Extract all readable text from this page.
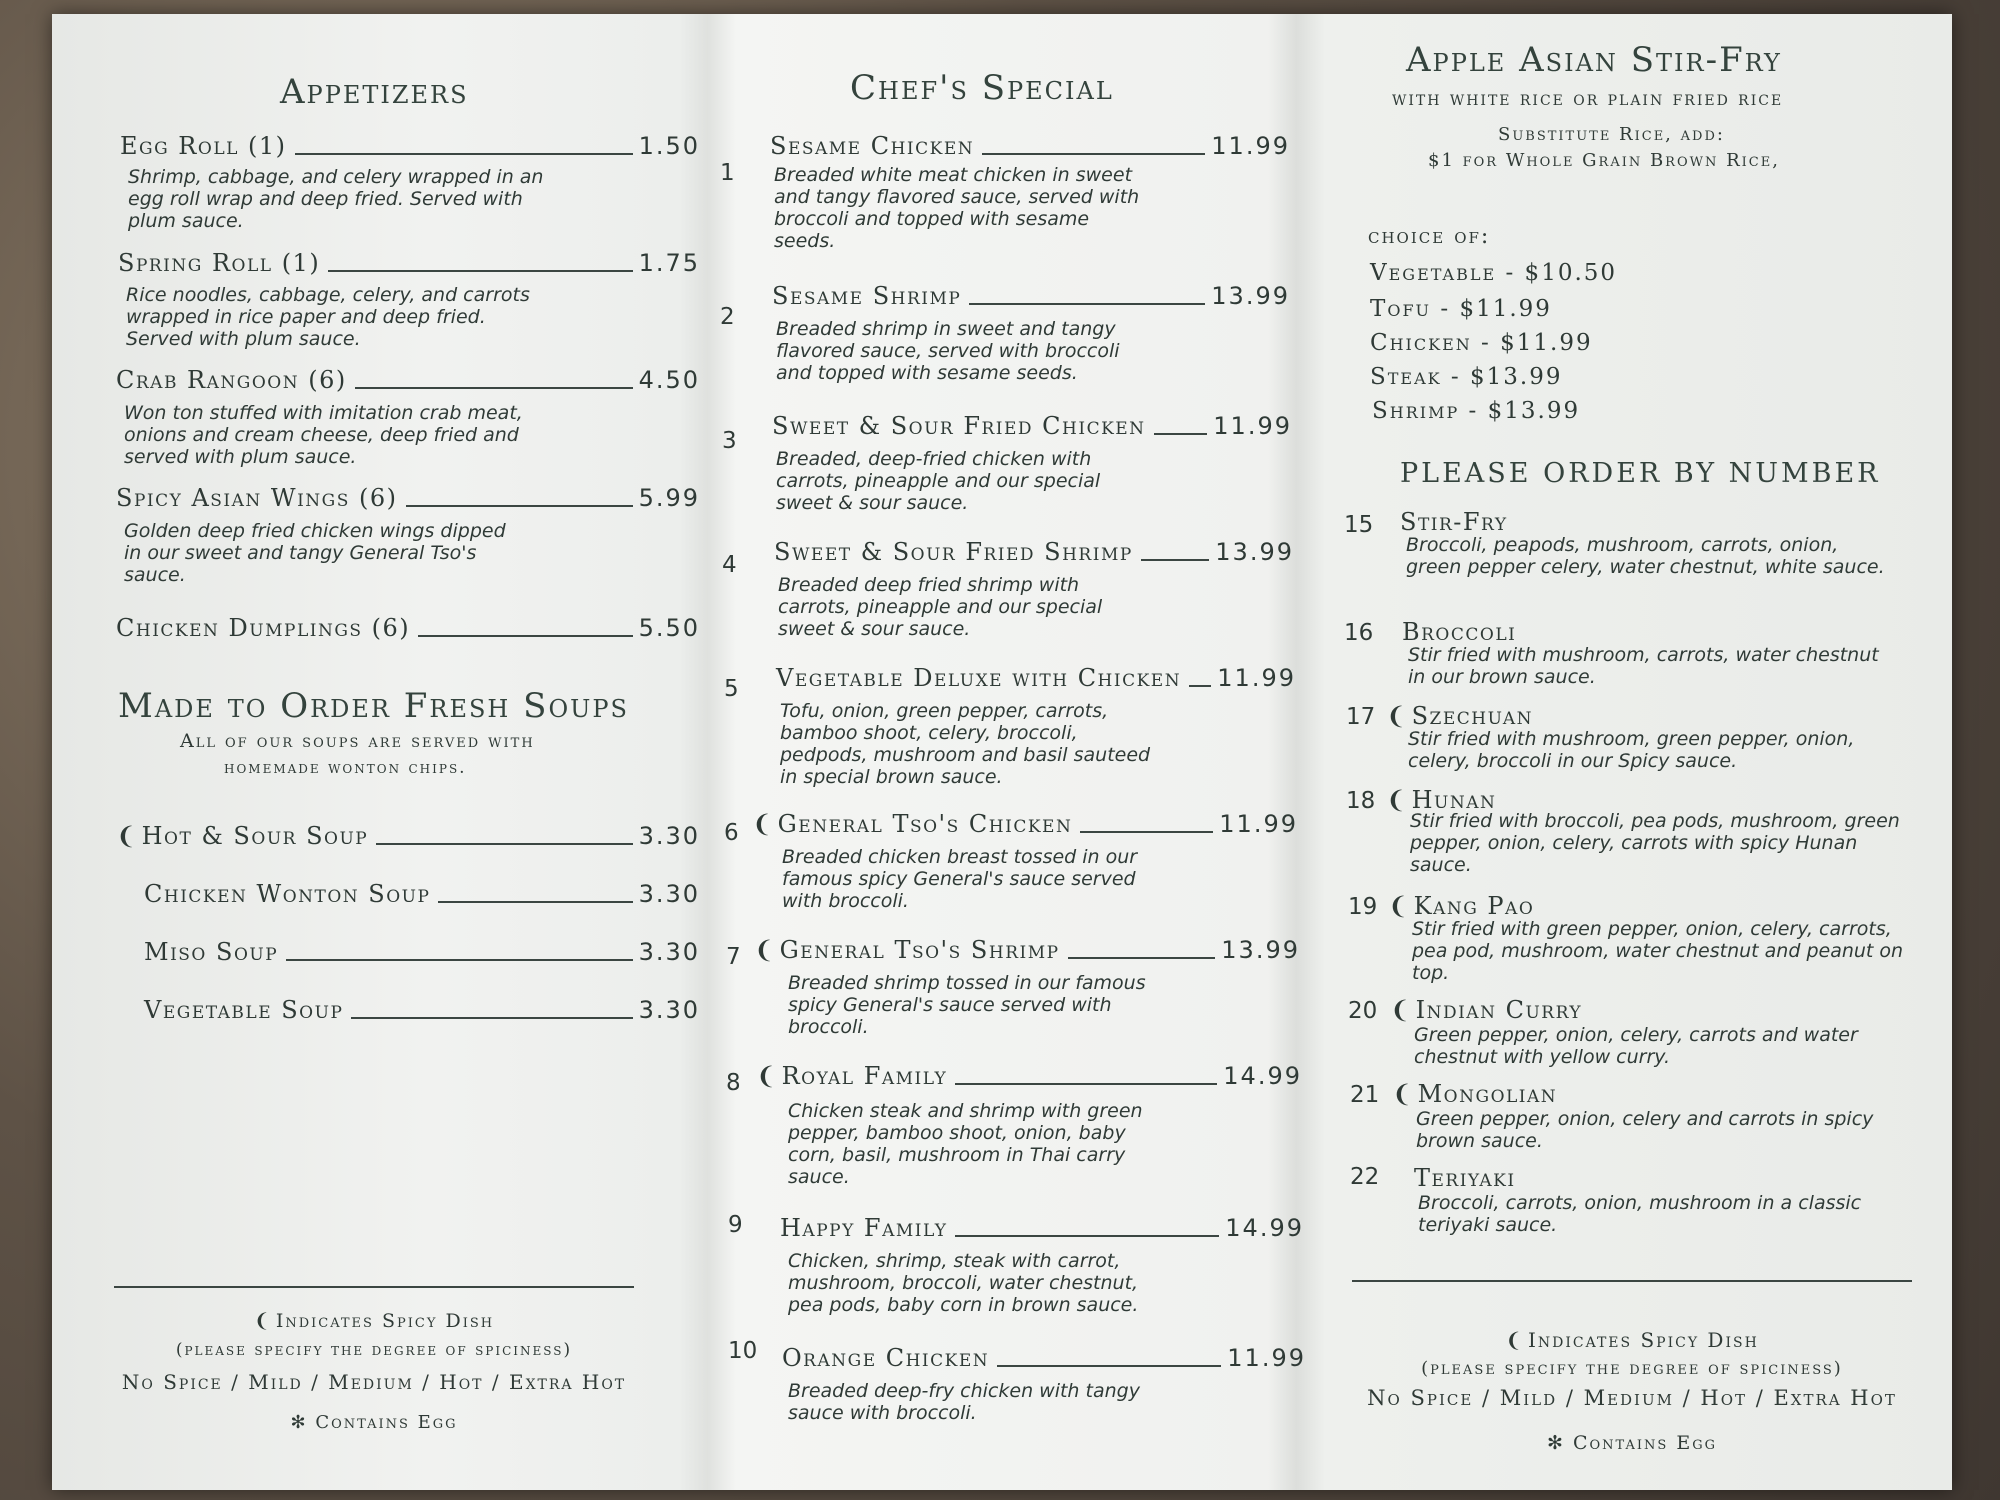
Appetizers
Egg Roll (1)	1.50
Shrimp, cabbage, and celery wrapped in an egg roll wrap and deep fried. Served with plum sauce.
Spring Roll (1)	1.75
Rice noodles, cabbage, celery, and carrots wrapped in rice paper and deep fried. Served with plum sauce.
Crab Rangoon (6)	4.50
Won ton stuffed with imitation crab meat, onions and cream cheese, deep fried and served with plum sauce.
Spicy Asian Wings (6)	5.99
Golden deep fried chicken wings dipped in our sweet and tangy General Tso's sauce.
Chicken Dumplings (6)	5.50
Made to Order Fresh Soups
All of our soups are served with
homemade wonton chips.
❨ Hot & Sour Soup	3.30
Chicken Wonton Soup	3.30
Miso Soup	3.30
Vegetable Soup	3.30
❨ Indicates Spicy Dish
(please specify the degree of spiciness)
No Spice / Mild / Medium / Hot / Extra Hot
✻ Contains Egg
Chef's Special
1
Sesame Chicken	11.99
Breaded white meat chicken in sweet and tangy flavored sauce, served with broccoli and topped with sesame seeds.
2
Sesame Shrimp	13.99
Breaded shrimp in sweet and tangy flavored sauce, served with broccoli and topped with sesame seeds.
3
Sweet & Sour Fried Chicken	11.99
Breaded, deep-fried chicken with carrots, pineapple and our special sweet & sour sauce.
4 Sweet & Sour Fried Shrimp	13.99
Breaded deep fried shrimp with carrots, pineapple and our special sweet & sour sauce.
5 Vegetable Deluxe with Chicken 11.99
Tofu, onion, green pepper, carrots, bamboo shoot, celery, broccoli, pedpods, mushroom and basil sauteed in special brown sauce.
6 ❨ General Tso's Chicken	11.99
Breaded chicken breast tossed in our famous spicy General's sauce served with broccoli.
7 ❨ General Tso's Shrimp	13.99
Breaded shrimp tossed in our famous spicy General's sauce served with broccoli.
8 ❨ Royal Family	14.99
Chicken steak and shrimp with green pepper, bamboo shoot, onion, baby corn, basil, mushroom in Thai carry sauce.
9 Happy Family	14.99
Chicken, shrimp, steak with carrot, mushroom, broccoli, water chestnut, pea pods, baby corn in brown sauce.
10 Orange Chicken	11.99
Breaded deep-fry chicken with tangy sauce with broccoli.
Apple Asian Stir-Fry
with white rice or plain fried rice
Substitute Rice, add:
$1 for Whole Grain Brown Rice,
choice of:
Vegetable - $10.50
Tofu - $11.99
Chicken - $11.99
Steak - $13.99
Shrimp - $13.99
PLEASE ORDER BY NUMBER
15 Stir-Fry
Broccoli, peapods, mushroom, carrots, onion, green pepper celery, water chestnut, white sauce.
16 Broccoli
Stir fried with mushroom, carrots, water chestnut in our brown sauce.
17 ❨ Szechuan
Stir fried with mushroom, green pepper, onion, celery, broccoli in our Spicy sauce.
18 ❨ Hunan
Stir fried with broccoli, pea pods, mushroom, green pepper, onion, celery, carrots with spicy Hunan sauce.
19 ❨ Kang Pao
Stir fried with green pepper, onion, celery, carrots, pea pod, mushroom, water chestnut and peanut on top.
20 ❨ Indian Curry
Green pepper, onion, celery, carrots and water chestnut with yellow curry.
21 ❨ Mongolian
Green pepper, onion, celery and carrots in spicy brown sauce.
22 Teriyaki
Broccoli, carrots, onion, mushroom in a classic teriyaki sauce.
❨ Indicates Spicy Dish
(please specify the degree of spiciness)
No Spice / Mild / Medium / Hot / Extra Hot
✻ Contains Egg
